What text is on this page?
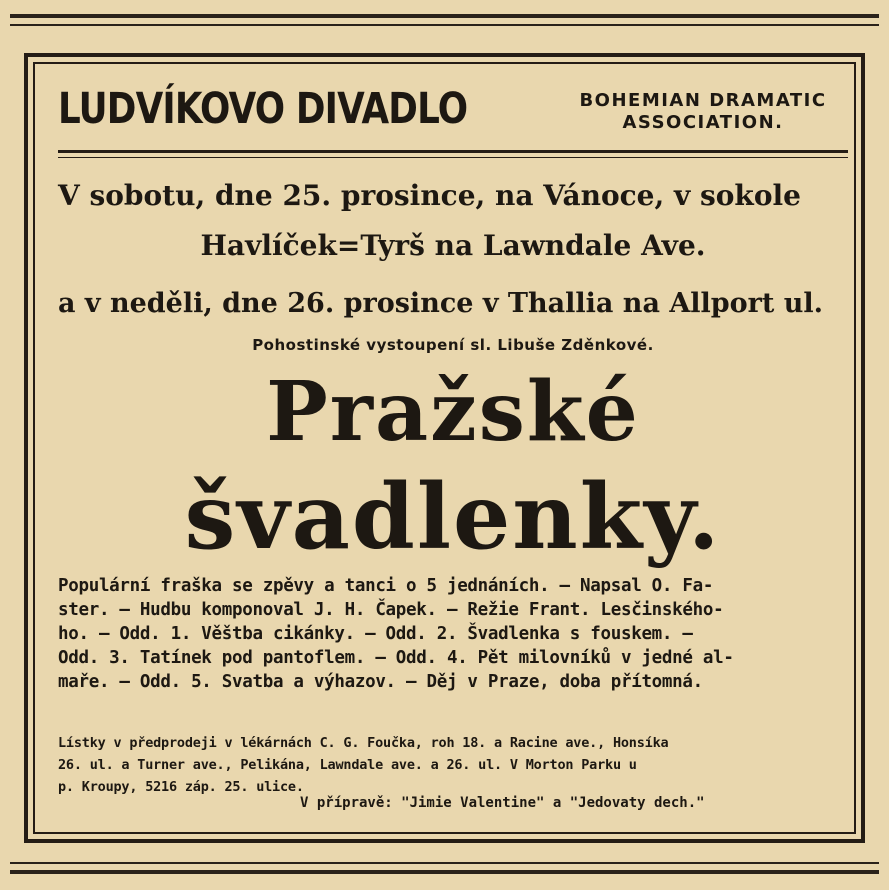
LUDVÍKOVO DIVADLO	BOHEMIAN DRAMATIC
ASSOCIATION.
V sobotu, dne 25. prosince, na Vánoce, v sokole
Havlíček=Tyrš na Lawndale Ave.
a v neděli, dne 26. prosince v Thallia na Allport ul.
Pohostinské vystoupení sl. Libuše Zděnkové.
Pražské
švadlenky.
Populární fraška se zpěvy a tanci o 5 jednáních. — Napsal O. Fa-
ster. — Hudbu komponoval J. H. Čapek. — Režie Frant. Lesčinského-
ho. — Odd. 1. Věštba cikánky. — Odd. 2. Švadlenka s fouskem. —
Odd. 3. Tatínek pod pantoflem. — Odd. 4. Pět milovníků v jedné al-
maře. — Odd. 5. Svatba a výhazov. — Děj v Praze, doba přítomná.
Lístky v předprodeji v lékárnách C. G. Foučka, roh 18. a Racine ave., Honsíka
26. ul. a Turner ave., Pelikána, Lawndale ave. a 26. ul. V Morton Parku u
p. Kroupy, 5216 záp. 25. ulice.
V přípravě: "Jimie Valentine" a "Jedovaty dech."
